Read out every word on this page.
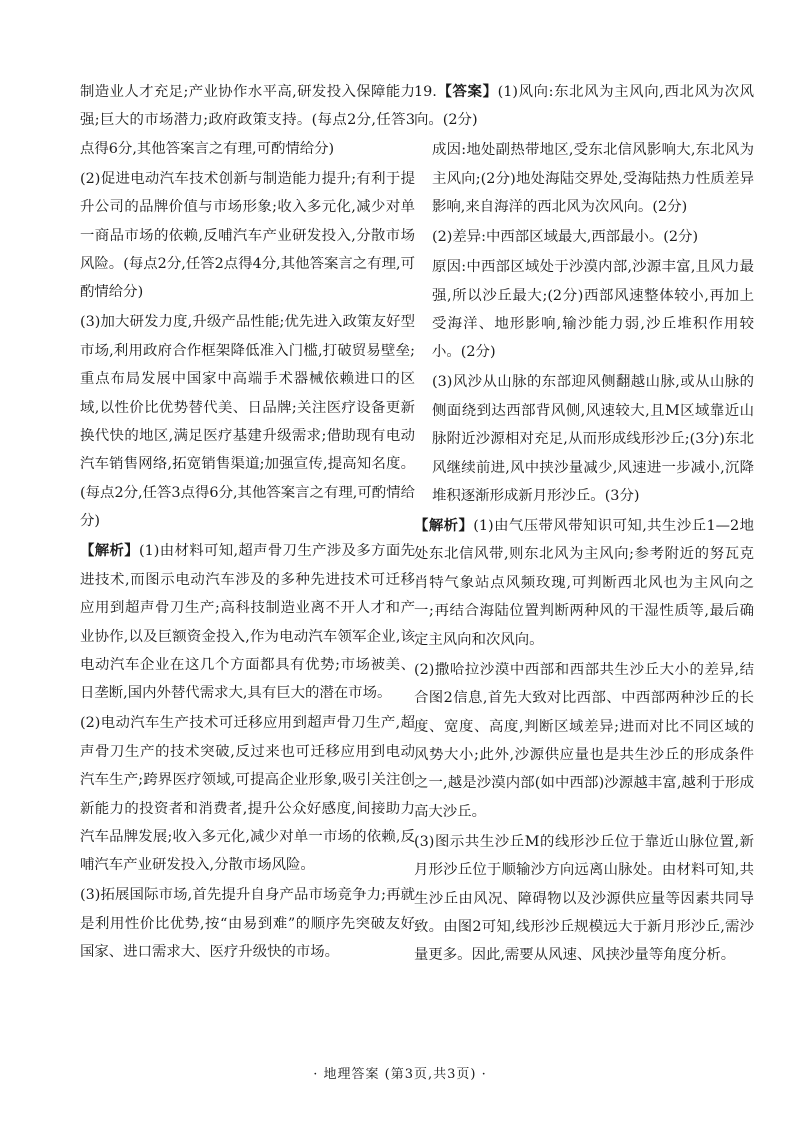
制造业人才充足;产业协作水平高,研发投入保障能力强;巨大的市场潜力;政府政策支持。(每点2分,任答3点得6分,其他答案言之有理,可酌情给分)

(2)促进电动汽车技术创新与制造能力提升;有利于提升公司的品牌价值与市场形象;收入多元化,减少对单一商品市场的依赖,反哺汽车产业研发投入,分散市场风险。(每点2分,任答2点得4分,其他答案言之有理,可酌情给分)

(3)加大研发力度,升级产品性能;优先进入政策友好型市场,利用政府合作框架降低准入门槛,打破贸易壁垒;重点布局发展中国家中高端手术器械依赖进口的区域,以性价比优势替代美、日品牌;关注医疗设备更新换代快的地区,满足医疗基建升级需求;借助现有电动汽车销售网络,拓宽销售渠道;加强宣传,提高知名度。(每点2分,任答3点得6分,其他答案言之有理,可酌情给分)

【解析】(1)由材料可知,超声骨刀生产涉及多方面先进技术,而图示电动汽车涉及的多种先进技术可迁移应用到超声骨刀生产;高科技制造业离不开人才和产业协作,以及巨额资金投入,作为电动汽车领军企业,该电动汽车企业在这几个方面都具有优势;市场被美、日垄断,国内外替代需求大,具有巨大的潜在市场。

(2)电动汽车生产技术可迁移应用到超声骨刀生产,超声骨刀生产的技术突破,反过来也可迁移应用到电动汽车生产;跨界医疗领域,可提高企业形象,吸引关注创新能力的投资者和消费者,提升公众好感度,间接助力汽车品牌发展;收入多元化,减少对单一市场的依赖,反哺汽车产业研发投入,分散市场风险。

(3)拓展国际市场,首先提升自身产品市场竞争力;再就是利用性价比优势,按“由易到难”的顺序先突破友好国家、进口需求大、医疗升级快的市场。

19.【答案】(1)风向:东北风为主风向,西北风为次风向。(2分)

成因:地处副热带地区,受东北信风影响大,东北风为主风向;(2分)地处海陆交界处,受海陆热力性质差异影响,来自海洋的西北风为次风向。(2分)

(2)差异:中西部区域最大,西部最小。(2分)

原因:中西部区域处于沙漠内部,沙源丰富,且风力最强,所以沙丘最大;(2分)西部风速整体较小,再加上受海洋、地形影响,输沙能力弱,沙丘堆积作用较小。(2分)

(3)风沙从山脉的东部迎风侧翻越山脉,或从山脉的侧面绕到达西部背风侧,风速较大,且M区域靠近山脉附近沙源相对充足,从而形成线形沙丘;(3分)东北风继续前进,风中挟沙量减少,风速进一步减小,沉降堆积逐渐形成新月形沙丘。(3分)

【解析】(1)由气压带风带知识可知,共生沙丘1—2地处东北信风带,则东北风为主风向;参考附近的努瓦克肖特气象站点风频玫瑰,可判断西北风也为主风向之一;再结合海陆位置判断两种风的干湿性质等,最后确定主风向和次风向。

(2)撒哈拉沙漠中西部和西部共生沙丘大小的差异,结合图2信息,首先大致对比西部、中西部两种沙丘的长度、宽度、高度,判断区域差异;进而对比不同区域的风势大小;此外,沙源供应量也是共生沙丘的形成条件之一,越是沙漠内部(如中西部)沙源越丰富,越利于形成高大沙丘。

(3)图示共生沙丘M的线形沙丘位于靠近山脉位置,新月形沙丘位于顺输沙方向远离山脉处。由材料可知,共生沙丘由风况、障碍物以及沙源供应量等因素共同导致。由图2可知,线形沙丘规模远大于新月形沙丘,需沙量更多。因此,需要从风速、风挟沙量等角度分析。

· 地理答案 (第3页,共3页) ·
